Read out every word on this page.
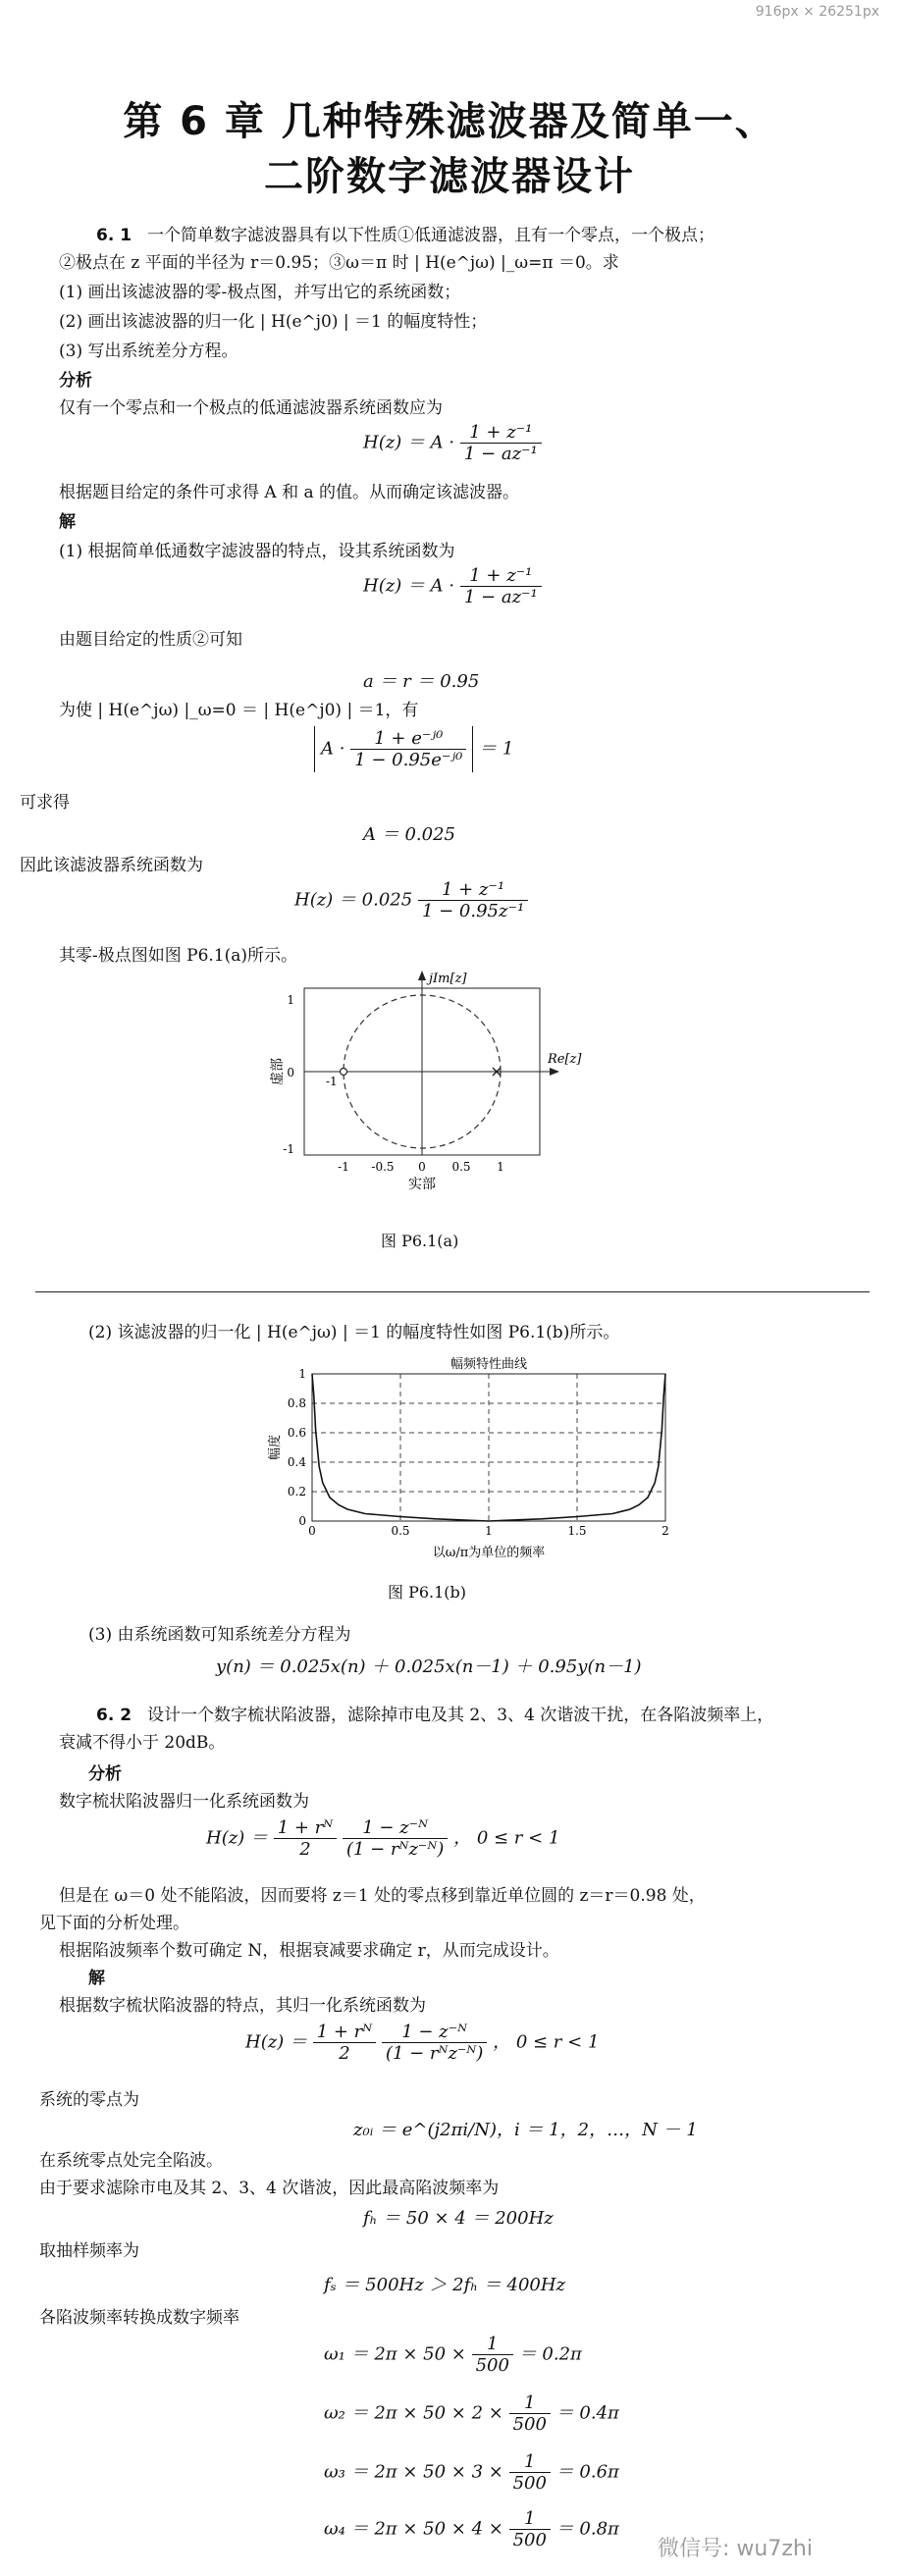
916px × 26251px
第 6 章 几种特殊滤波器及简单一、
二阶数字滤波器设计
6. 1 一个简单数字滤波器具有以下性质①低通滤波器，且有一个零点，一个极点；
②极点在 z 平面的半径为 r＝0.95；③ω＝π 时 | H(e^jω) |_ω=π ＝0。求
(1) 画出该滤波器的零-极点图，并写出它的系统函数；
(2) 画出该滤波器的归一化 | H(e^j0) | ＝1 的幅度特性；
(3) 写出系统差分方程。
分析
仅有一个零点和一个极点的低通滤波器系统函数应为
$H(z) = A \cdot \frac{\text{1 + z⁻¹}}{\text{1 − az⁻¹}}$
根据题目给定的条件可求得 A 和 a 的值。从而确定该滤波器。
解
(1) 根据简单低通数字滤波器的特点，设其系统函数为
$H(z) = A \cdot \frac{\text{1 + z⁻¹}}{\text{1 − az⁻¹}}$
由题目给定的性质②可知
a ＝ r ＝ 0.95
为使 | H(e^jω) |_ω=0 ＝ | H(e^j0) | ＝1，有
$A \cdot \frac{\text{1 + e⁻ʲ⁰}}{\text{1 − 0.95e⁻ʲ⁰}} = 1$
可求得
A ＝ 0.025
因此该滤波器系统函数为
$H(z) = 0.025 \frac{\text{1 + z⁻¹}}{\text{1 − 0.95z⁻¹}}$
其零-极点图如图 P6.1(a)所示。
jIm[z]
Re[z]
-1
1
0
-1
-1 -0.5 0 0.5 1
实部
虚部
图 P6.1(a)
(2) 该滤波器的归一化 | H(e^jω) | ＝1 的幅度特性如图 P6.1(b)所示。
幅频特性曲线
0	0.5	1	1.5	2
0
0.2
0.4
0.6
0.8
1
以ω/π为单位的频率
幅度
图 P6.1(b)
(3) 由系统函数可知系统差分方程为
y(n) ＝ 0.025x(n) ＋ 0.025x(n－1) ＋ 0.95y(n－1)
6. 2 设计一个数字梳状陷波器，滤除掉市电及其 2、3、4 次谐波干扰，在各陷波频率上，
衰减不得小于 20dB。
分析
数字梳状陷波器归一化系统函数为
$H(z) = \frac{\text{1 + rᴺ}}{2}$
$\frac{\text{1 − z⁻ᴺ}}{\text{(1 − rᴺz⁻ᴺ)}}$ ， 0 ≤ r < 1
但是在 ω＝0 处不能陷波，因而要将 z＝1 处的零点移到靠近单位圆的 z＝r＝0.98 处，
见下面的分析处理。
根据陷波频率个数可确定 N，根据衰减要求确定 r，从而完成设计。
解
根据数字梳状陷波器的特点，其归一化系统函数为
$H(z) = \frac{\text{1 + rᴺ}}{2}$
$\frac{\text{1 − z⁻ᴺ}}{\text{(1 − rᴺz⁻ᴺ)}}$ ， 0 ≤ r < 1
系统的零点为
z₀ᵢ ＝ e^(j2πi/N)，i ＝ 1，2，…，N － 1
在系统零点处完全陷波。
由于要求滤除市电及其 2、3、4 次谐波，因此最高陷波频率为
fₕ ＝ 50 × 4 ＝ 200Hz
取抽样频率为
fₛ ＝ 500Hz ＞ 2fₕ ＝ 400Hz
各陷波频率转换成数字频率
$\omega_1 = 2\pi \times 50 \times \frac{1}{500} = 0.2\pi$
$\omega_2 = 2\pi \times 50 \times 2 \times \frac{1}{500} = 0.4\pi$
$\omega_3 = 2\pi \times 50 \times 3 \times \frac{1}{500} = 0.6\pi$
$\omega_4 = 2\pi \times 50 \times 4 \times \frac{1}{500} = 0.8\pi$
微信号: wu7zhi
